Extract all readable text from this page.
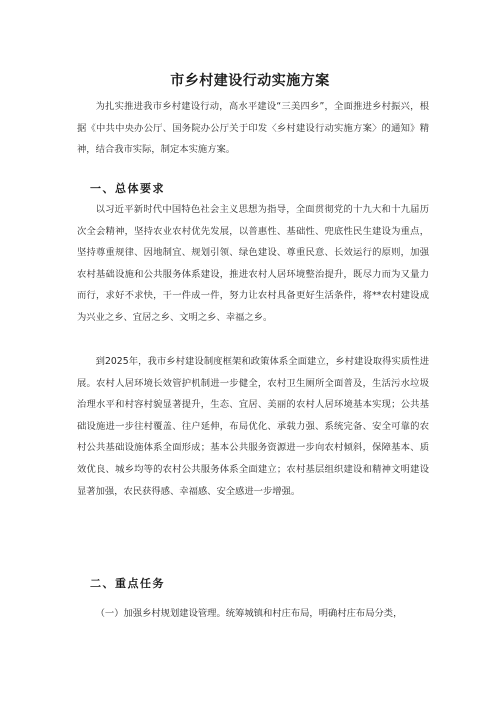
市乡村建设行动实施方案
为扎实推进我市乡村建设行动，高水平建设“三美四乡”，全面推进乡村振兴，根据《中共中央办公厅、国务院办公厅关于印发〈乡村建设行动实施方案〉的通知》精神，结合我市实际，制定本实施方案。
一、总体要求
以习近平新时代中国特色社会主义思想为指导，全面贯彻党的十九大和十九届历次全会精神，坚持农业农村优先发展，以普惠性、基础性、兜底性民生建设为重点，坚持尊重规律、因地制宜、规划引领、绿色建设、尊重民意、长效运行的原则，加强农村基础设施和公共服务体系建设，推进农村人居环境整治提升，既尽力而为又量力而行，求好不求快，干一件成一件，努力让农村具备更好生活条件，将**农村建设成为兴业之乡、宜居之乡、文明之乡、幸福之乡。
到2025年，我市乡村建设制度框架和政策体系全面建立，乡村建设取得实质性进展。农村人居环境长效管护机制进一步健全，农村卫生厕所全面普及，生活污水垃圾治理水平和村容村貌显著提升，生态、宜居、美丽的农村人居环境基本实现；公共基础设施进一步往村覆盖、往户延伸，布局优化、承载力强、系统完备、安全可靠的农村公共基础设施体系全面形成；基本公共服务资源进一步向农村倾斜，保障基本、质效优良、城乡均等的农村公共服务体系全面建立；农村基层组织建设和精神文明建设显著加强，农民获得感、幸福感、安全感进一步增强。
二、重点任务
（一）加强乡村规划建设管理。统筹城镇和村庄布局，明确村庄布局分类，
